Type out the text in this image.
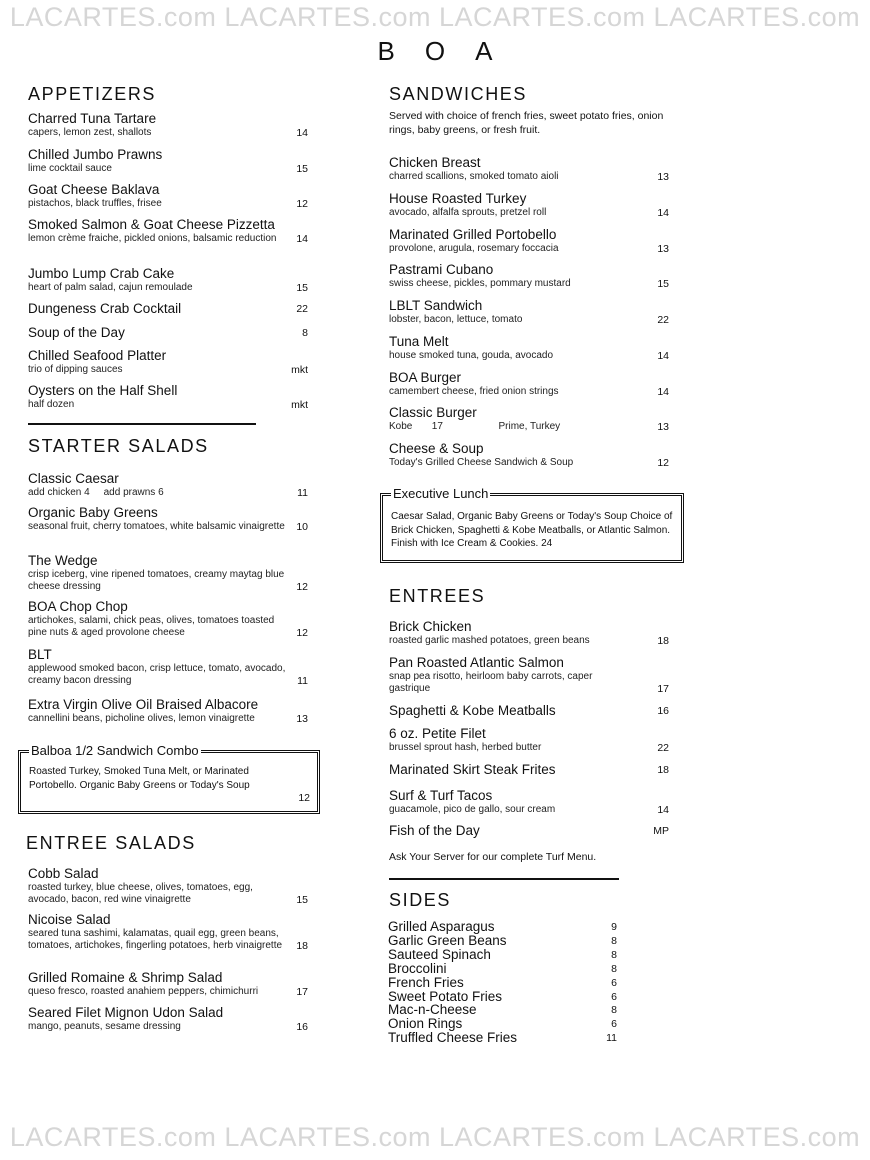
LACARTES.com LACARTES.com LACARTES.com LACARTES.com
BOA
APPETIZERS
Charred Tuna Tartare
capers, lemon zest, shallots	14
Chilled Jumbo Prawns
lime cocktail sauce	15
Goat Cheese Baklava
pistachos, black truffles, frisee	12
Smoked Salmon & Goat Cheese Pizzetta
lemon crème fraiche, pickled onions, balsamic reduction	14
Jumbo Lump Crab Cake
heart of palm salad, cajun remoulade	15
Dungeness Crab Cocktail	22
Soup of the Day	8
Chilled Seafood Platter
trio of dipping sauces	mkt
Oysters on the Half Shell
half dozen	mkt
STARTER SALADS
Classic Caesar
add chicken 4     add prawns 6	11
Organic Baby Greens
seasonal fruit, cherry tomatoes, white balsamic vinaigrette	10
The Wedge
crisp iceberg, vine ripened tomatoes, creamy maytag blue cheese dressing	12
BOA Chop Chop
artichokes, salami, chick peas, olives, tomatoes toasted pine nuts & aged provolone cheese	12
BLT
applewood smoked bacon, crisp lettuce, tomato, avocado, creamy bacon dressing	11
Extra Virgin Olive Oil Braised Albacore
cannellini beans, picholine olives, lemon vinaigrette	13
Balboa 1/2 Sandwich Combo
Roasted Turkey, Smoked Tuna Melt, or Marinated Portobello. Organic Baby Greens or Today's Soup
12
ENTREE SALADS
Cobb Salad
roasted turkey, blue cheese, olives, tomatoes, egg, avocado, bacon, red wine vinaigrette	15
Nicoise Salad
seared tuna sashimi, kalamatas, quail egg, green beans, tomatoes, artichokes, fingerling potatoes, herb vinaigrette	18
Grilled Romaine & Shrimp Salad
queso fresco, roasted anahiem peppers, chimichurri	17
Seared Filet Mignon Udon Salad
mango, peanuts, sesame dressing	16
SANDWICHES
Served with choice of french fries, sweet potato fries, onion rings, baby greens, or fresh fruit.
Chicken Breast
charred scallions, smoked tomato aioli	13
House Roasted Turkey
avocado, alfalfa sprouts, pretzel roll	14
Marinated Grilled Portobello
provolone, arugula, rosemary foccacia	13
Pastrami Cubano
swiss cheese, pickles, pommary mustard	15
LBLT Sandwich
lobster, bacon, lettuce, tomato	22
Tuna Melt
house smoked tuna, gouda, avocado	14
BOA Burger
camembert cheese, fried onion strings	14
Classic Burger
Kobe       17                    Prime, Turkey	13
Cheese & Soup
Today's Grilled Cheese Sandwich & Soup	12
Executive Lunch
Caesar Salad, Organic Baby Greens or Today's Soup Choice of Brick Chicken, Spaghetti & Kobe Meatballs, or Atlantic Salmon. Finish with Ice Cream & Cookies. 24
ENTREES
Brick Chicken
roasted garlic mashed potatoes, green beans	18
Pan Roasted Atlantic Salmon
snap pea risotto, heirloom baby carrots, caper gastrique	17
Spaghetti & Kobe Meatballs	16
6 oz. Petite Filet
brussel sprout hash, herbed butter	22
Marinated Skirt Steak Frites	18
Surf & Turf Tacos
guacamole, pico de gallo, sour cream	14
Fish of the Day	MP
Ask Your Server for our complete Turf Menu.
SIDES
Grilled Asparagus	9
Garlic Green Beans	8
Sauteed Spinach	8
Broccolini	8
French Fries	6
Sweet Potato Fries	6
Mac-n-Cheese	8
Onion Rings	6
Truffled Cheese Fries	11
LACARTES.com LACARTES.com LACARTES.com LACARTES.com
